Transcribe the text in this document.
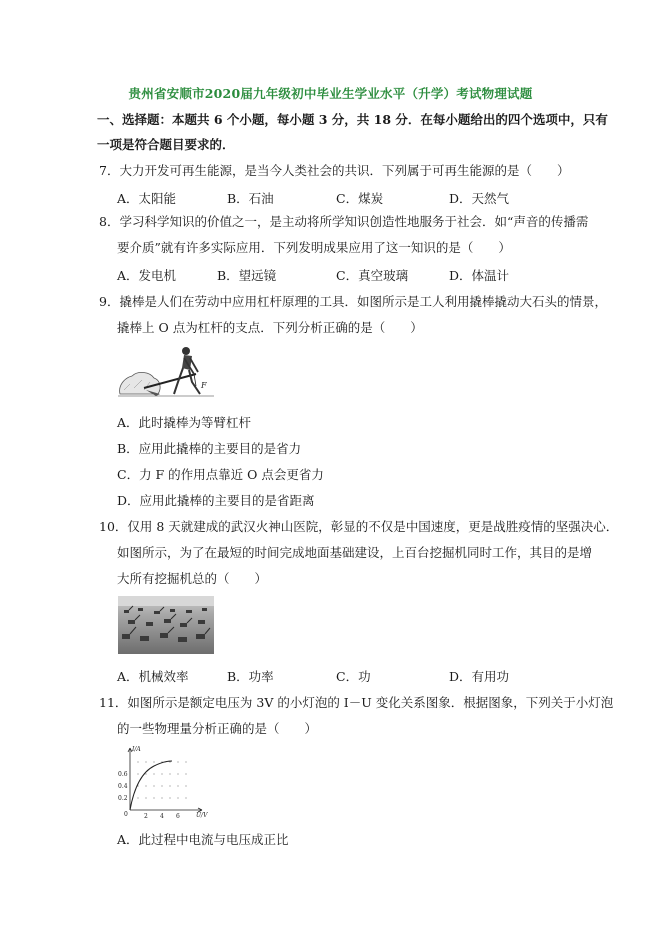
贵州省安顺市2020届九年级初中毕业生学业水平（升学）考试物理试题
一、选择题：本题共 6 个小题，每小题 3 分，共 18 分．在每小题给出的四个选项中，只有
一项是符合题目要求的．
7．大力开发可再生能源，是当今人类社会的共识．下列属于可再生能源的是（　　）
A．太阳能	B．石油	C．煤炭	D．天然气
8．学习科学知识的价值之一，是主动将所学知识创造性地服务于社会．如“声音的传播需
要介质”就有许多实际应用．下列发明成果应用了这一知识的是（　　）
A．发电机	B．望远镜	C．真空玻璃	D．体温计
9．撬棒是人们在劳动中应用杠杆原理的工具．如图所示是工人利用撬棒撬动大石头的情景，
撬棒上 O 点为杠杆的支点．下列分析正确的是（　　）
F
A．此时撬棒为等臂杠杆
B．应用此撬棒的主要目的是省力
C．力 F 的作用点靠近 O 点会更省力
D．应用此撬棒的主要目的是省距离
10．仅用 8 天就建成的武汉火神山医院，彰显的不仅是中国速度，更是战胜疫情的坚强决心．
如图所示，为了在最短的时间完成地面基础建设，上百台挖掘机同时工作，其目的是增
大所有挖掘机总的（　　）
A．机械效率	B．功率	C．功	D．有用功
11．如图所示是额定电压为 3V 的小灯泡的 I－U 变化关系图象．根据图象，下列关于小灯泡
的一些物理量分析正确的是（　　）
I/A
U/V
0
0.2
0.4
0.6
2 4 6
A．此过程中电流与电压成正比
